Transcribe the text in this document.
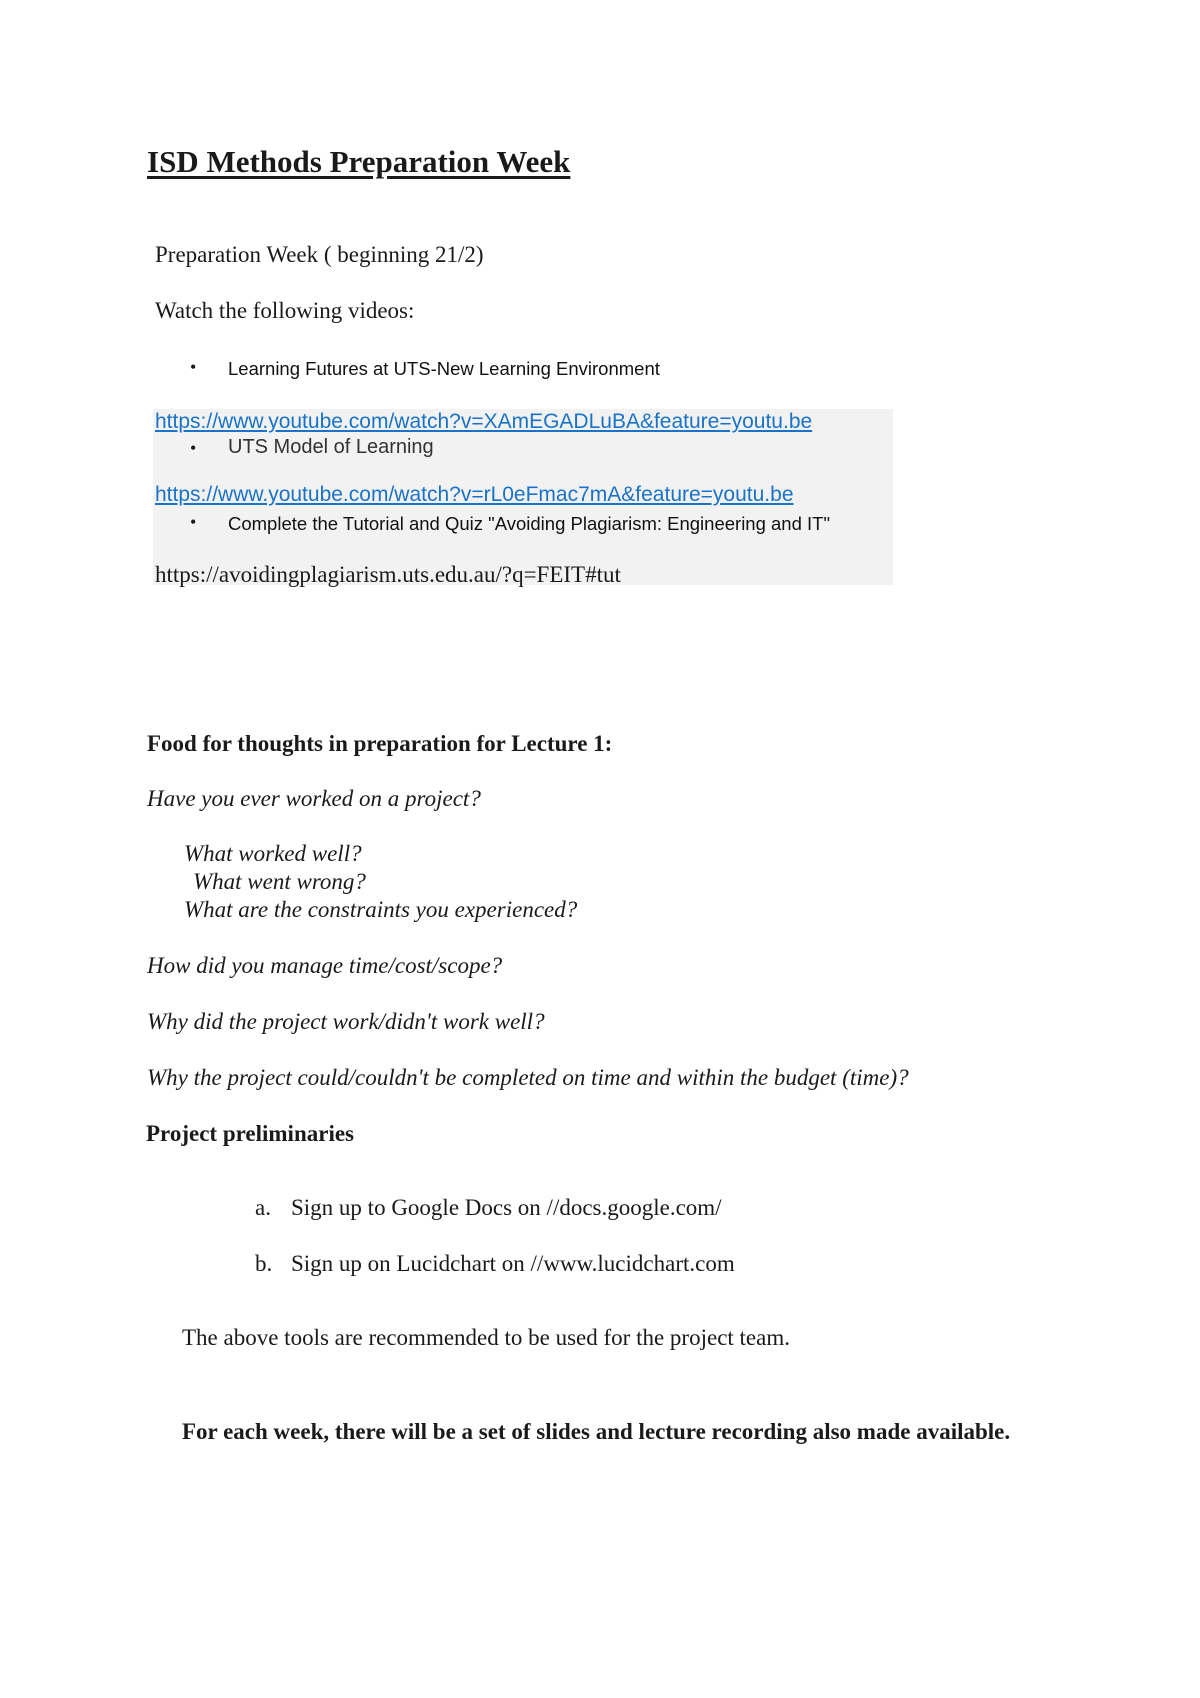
ISD Methods Preparation Week

Preparation Week ( beginning 21/2)

Watch the following videos:

• Learning Futures at UTS-New Learning Environment
https://www.youtube.com/watch?v=XAmEGADLuBA&feature=youtu.be
• UTS Model of Learning
https://www.youtube.com/watch?v=rL0eFmac7mA&feature=youtu.be
• Complete the Tutorial and Quiz "Avoiding Plagiarism: Engineering and IT"
https://avoidingplagiarism.uts.edu.au/?q=FEIT#tut

Food for thoughts in preparation for Lecture 1:

Have you ever worked on a project?

What worked well?

What went wrong?

What are the constraints you experienced?

How did you manage time/cost/scope?

Why did the project work/didn't work well?

Why the project could/couldn't be completed on time and within the budget (time)?

Project preliminaries

a. Sign up to Google Docs on //docs.google.com/
b. Sign up on Lucidchart on //www.lucidchart.com

The above tools are recommended to be used for the project team.

For each week, there will be a set of slides and lecture recording also made available.
